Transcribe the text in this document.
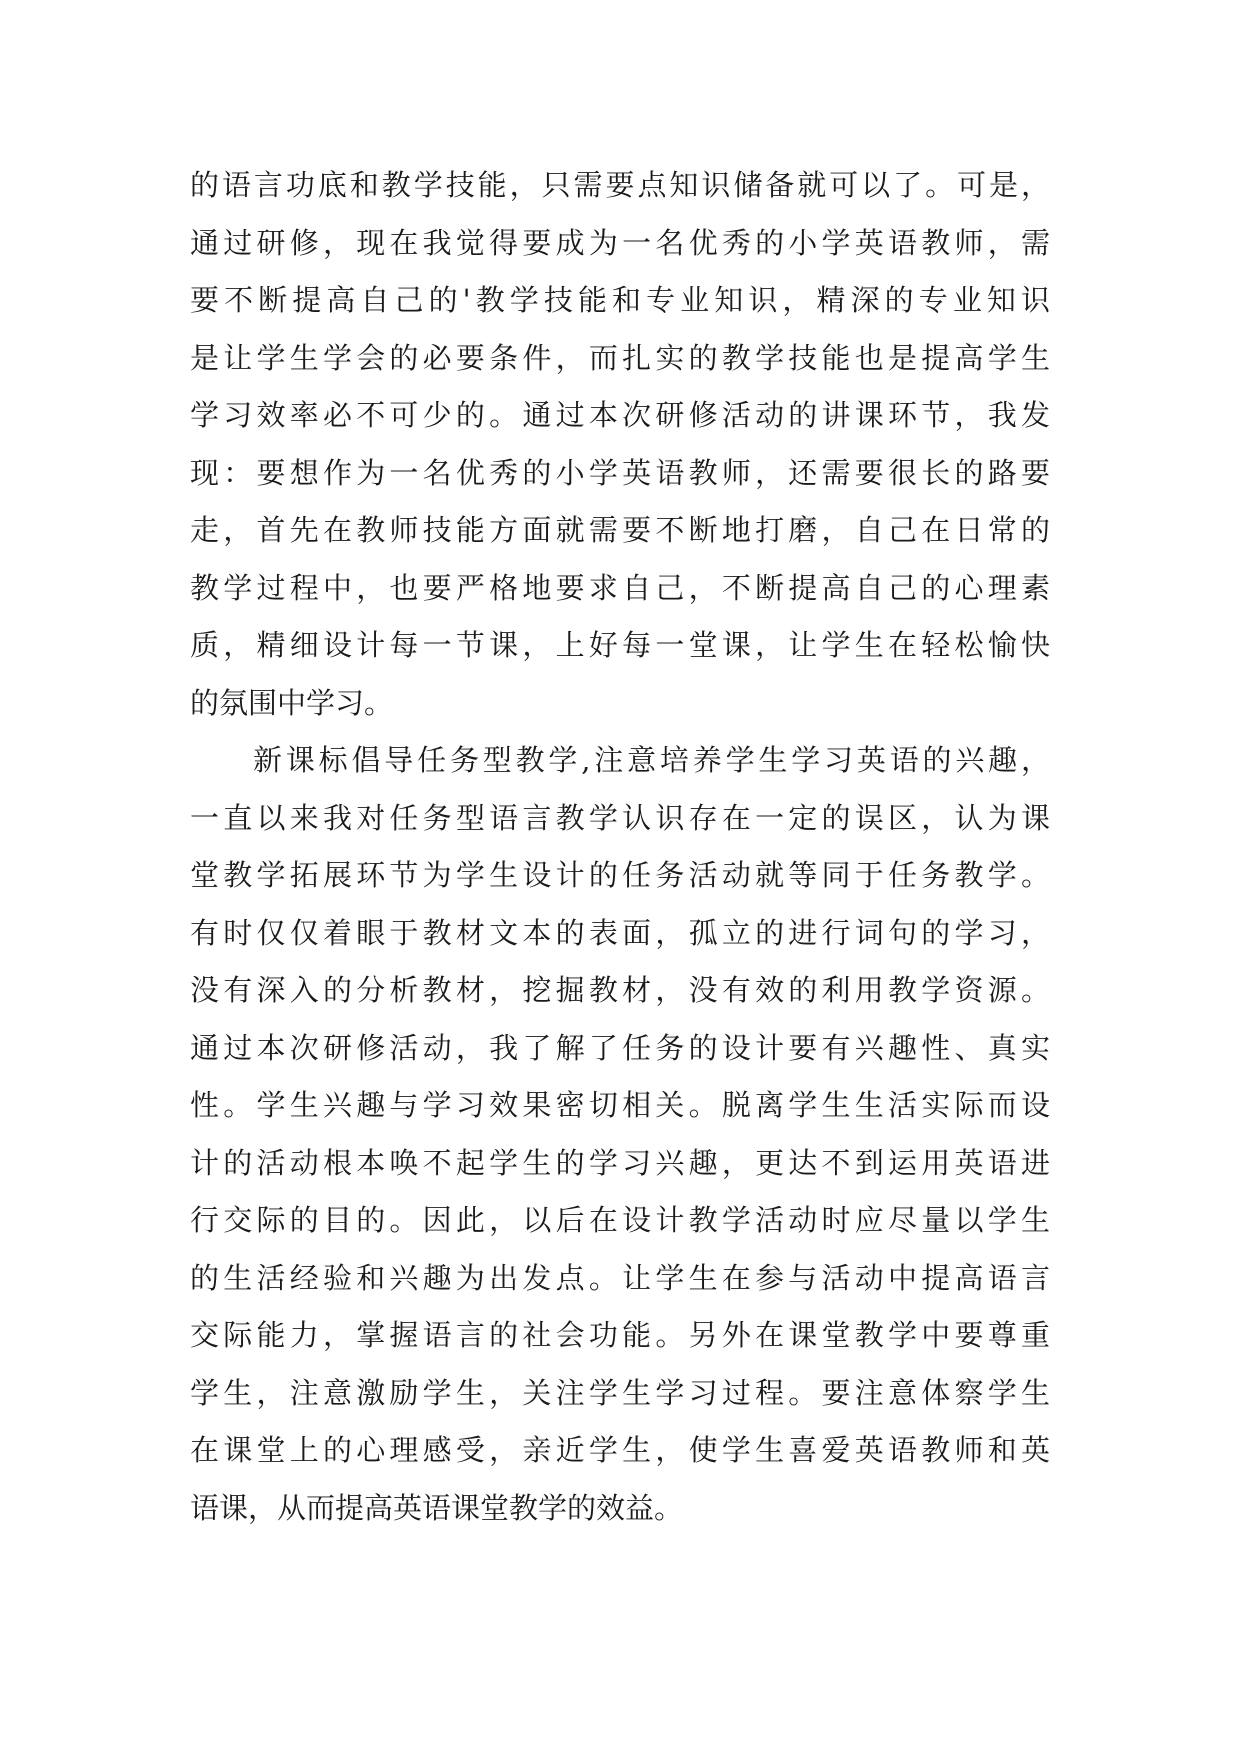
的语言功底和教学技能，只需要点知识储备就可以了。可是，
通过研修，现在我觉得要成为一名优秀的小学英语教师，需
要不断提高自己的'教学技能和专业知识，精深的专业知识
是让学生学会的必要条件，而扎实的教学技能也是提高学生
学习效率必不可少的。通过本次研修活动的讲课环节，我发
现：要想作为一名优秀的小学英语教师，还需要很长的路要
走，首先在教师技能方面就需要不断地打磨，自己在日常的
教学过程中，也要严格地要求自己，不断提高自己的心理素
质，精细设计每一节课，上好每一堂课，让学生在轻松愉快
的氛围中学习。
新课标倡导任务型教学,注意培养学生学习英语的兴趣，
一直以来我对任务型语言教学认识存在一定的误区，认为课
堂教学拓展环节为学生设计的任务活动就等同于任务教学。
有时仅仅着眼于教材文本的表面，孤立的进行词句的学习，
没有深入的分析教材，挖掘教材，没有效的利用教学资源。
通过本次研修活动，我了解了任务的设计要有兴趣性、真实
性。学生兴趣与学习效果密切相关。脱离学生生活实际而设
计的活动根本唤不起学生的学习兴趣，更达不到运用英语进
行交际的目的。因此，以后在设计教学活动时应尽量以学生
的生活经验和兴趣为出发点。让学生在参与活动中提高语言
交际能力，掌握语言的社会功能。另外在课堂教学中要尊重
学生，注意激励学生，关注学生学习过程。要注意体察学生
在课堂上的心理感受，亲近学生，使学生喜爱英语教师和英
语课，从而提高英语课堂教学的效益。
